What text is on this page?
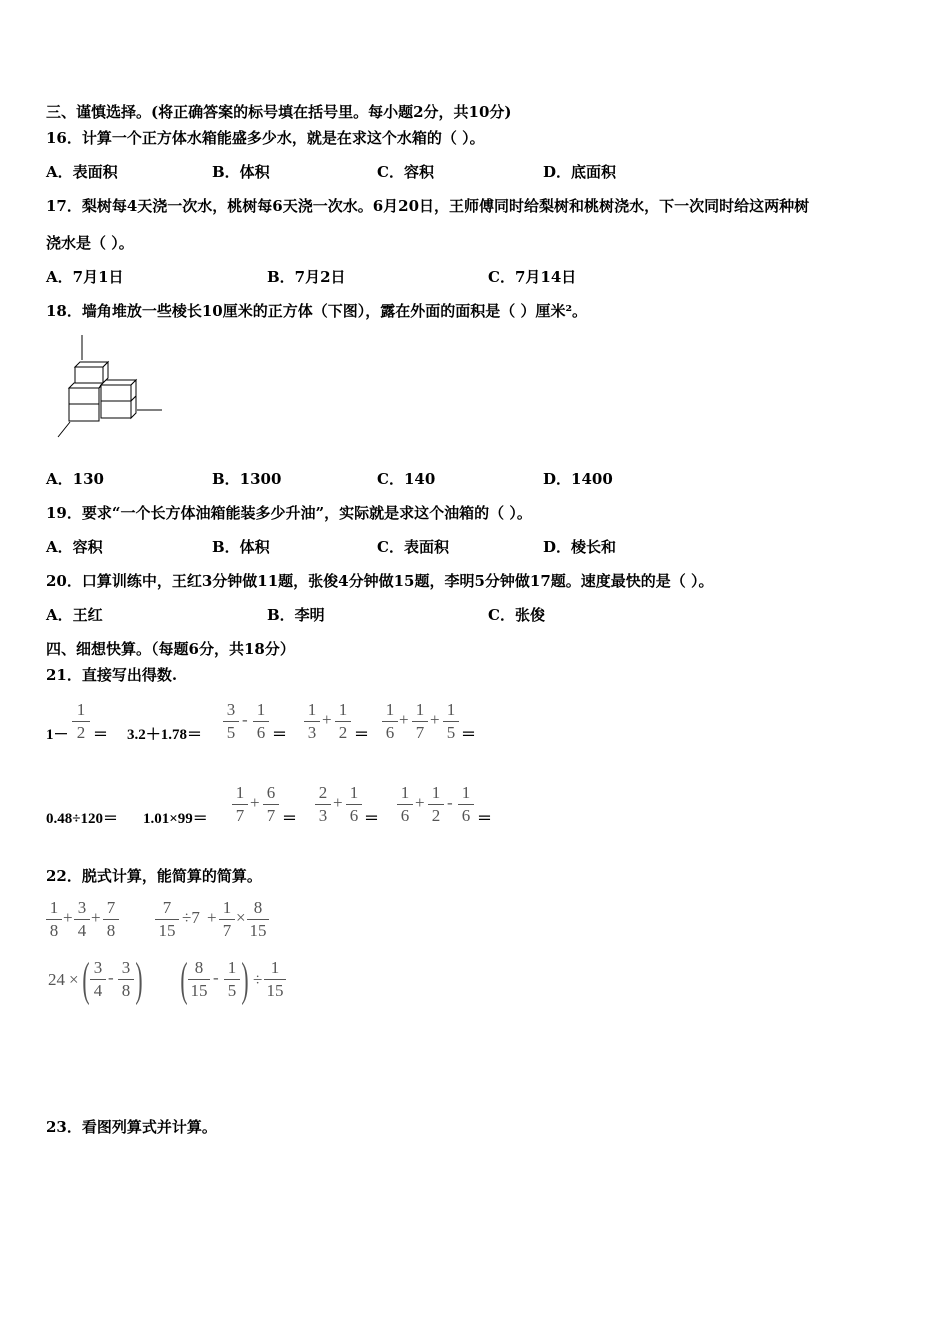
三、谨慎选择。(将正确答案的标号填在括号里。每小题2分，共10分)
16．计算一个正方体水箱能盛多少水，就是在求这个水箱的（ ）。
A．表面积	B．体积	C．容积	D．底面积
17．梨树每4天浇一次水，桃树每6天浇一次水。6月20日，王师傅同时给梨树和桃树浇水，下一次同时给这两种树
浇水是（ ）。
A．7月1日	B．7月2日	C．7月14日
18．墙角堆放一些棱长10厘米的正方体（下图），露在外面的面积是（ ）厘米²。
A．130	B．1300	C．140	D．1400
19．要求“一个长方体油箱能装多少升油”，实际就是求这个油箱的（ ）。
A．容积	B．体积	C．表面积	D．棱长和
20．口算训练中，王红3分钟做11题，张俊4分钟做15题，李明5分钟做17题。速度最快的是（ ）。
A．王红	B．李明	C．张俊
四、细想快算。（每题6分，共18分）
21．直接写出得数.
1－
1
2 ＝ 3.2＋1.78＝
3
5
-
1
6 ＝
1
3
+
1
2 ＝
1
6
+
1
7
+
1
5 ＝
0.48÷120＝ 1.01×99＝
1
7
+
6
7 ＝
2
3
+
1
6 ＝
1
6
+
1
2
-
1
6 ＝
22．脱式计算，能简算的简算。
1
8
+
3
4
+
7
8
7
15
÷7 +
1
7
×
8
15
24 × ( 3
4
-
3
8 ) ( 8
15
-
1
5 ) ÷
1
15
23．看图列算式并计算。
